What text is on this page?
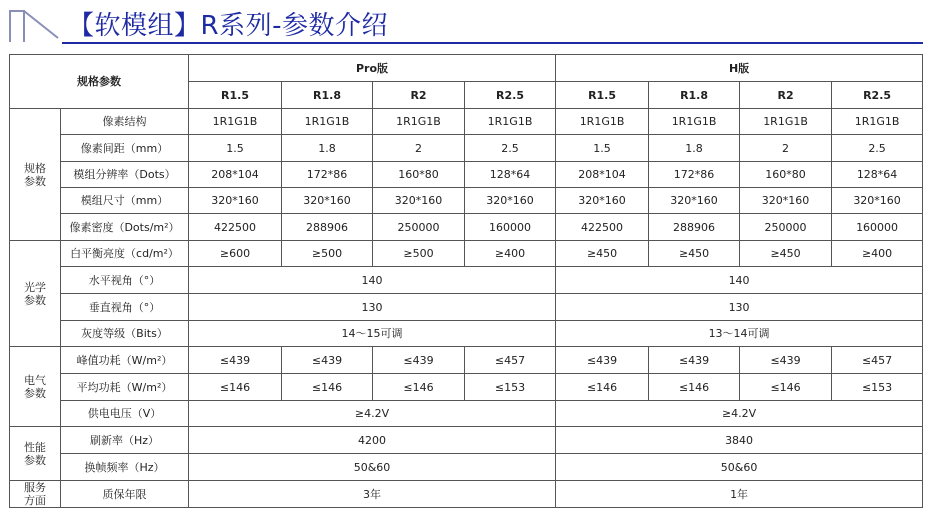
【软模组】R系列-参数介绍
规格参数		Pro版				H版			
		R1.5	R1.8	R2	R2.5	R1.5	R1.8	R2	R2.5
规格
参数	像素结构	1R1G1B	1R1G1B	1R1G1B	1R1G1B	1R1G1B	1R1G1B	1R1G1B	1R1G1B
	像素间距（mm）	1.5	1.8	2	2.5	1.5	1.8	2	2.5
	模组分辨率（Dots）	208*104	172*86	160*80	128*64	208*104	172*86	160*80	128*64
	模组尺寸（mm）	320*160	320*160	320*160	320*160	320*160	320*160	320*160	320*160
	像素密度（Dots/m²）	422500	288906	250000	160000	422500	288906	250000	160000
光学
参数	白平衡亮度（cd/m²）	≥600	≥500	≥500	≥400	≥450	≥450	≥450	≥400
	水平视角（°）	140				140			
	垂直视角（°）	130				130			
	灰度等级（Bits）	14～15可调				13～14可调			
电气
参数	峰值功耗（W/m²）	≤439	≤439	≤439	≤457	≤439	≤439	≤439	≤457
	平均功耗（W/m²）	≤146	≤146	≤146	≤153	≤146	≤146	≤146	≤153
	供电电压（V）	≥4.2V				≥4.2V			
性能
参数	刷新率（Hz）	4200				3840			
	换帧频率（Hz）	50&60				50&60			
服务
方面	质保年限	3年				1年			
